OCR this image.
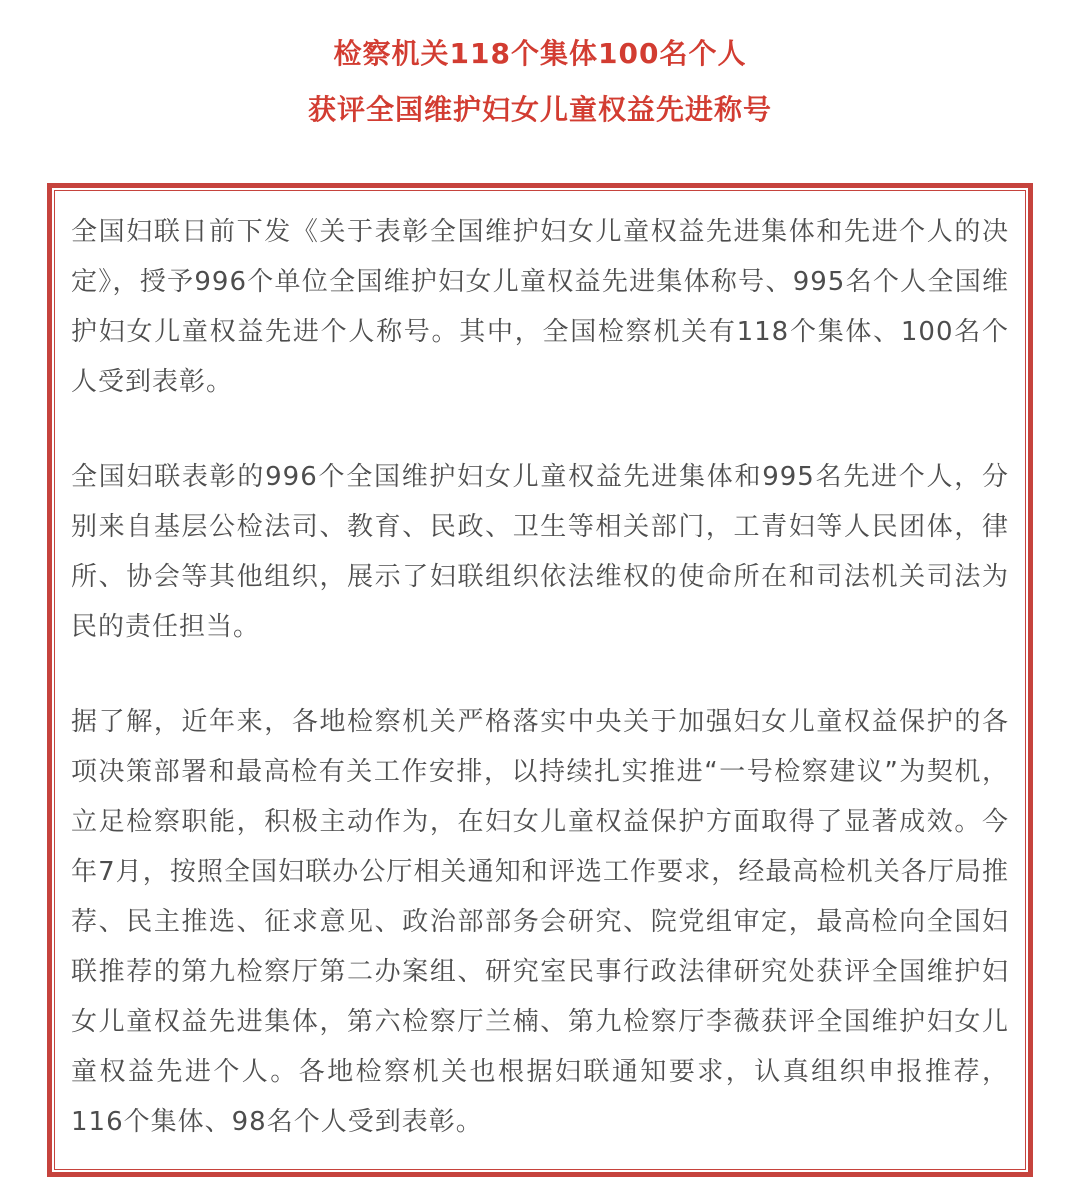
检察机关118个集体100名个人
获评全国维护妇女儿童权益先进称号

全国妇联日前下发《关于表彰全国维护妇女儿童权益先进集体和先进个人的决定》，授予996个单位全国维护妇女儿童权益先进集体称号、995名个人全国维护妇女儿童权益先进个人称号。其中，全国检察机关有118个集体、100名个人受到表彰。

全国妇联表彰的996个全国维护妇女儿童权益先进集体和995名先进个人，分别来自基层公检法司、教育、民政、卫生等相关部门，工青妇等人民团体，律所、协会等其他组织，展示了妇联组织依法维权的使命所在和司法机关司法为民的责任担当。

据了解，近年来，各地检察机关严格落实中央关于加强妇女儿童权益保护的各项决策部署和最高检有关工作安排，以持续扎实推进“一号检察建议”为契机，立足检察职能，积极主动作为，在妇女儿童权益保护方面取得了显著成效。今年7月，按照全国妇联办公厅相关通知和评选工作要求，经最高检机关各厅局推荐、民主推选、征求意见、政治部部务会研究、院党组审定，最高检向全国妇联推荐的第九检察厅第二办案组、研究室民事行政法律研究处获评全国维护妇女儿童权益先进集体，第六检察厅兰楠、第九检察厅李薇获评全国维护妇女儿童权益先进个人。各地检察机关也根据妇联通知要求，认真组织申报推荐，116个集体、98名个人受到表彰。
